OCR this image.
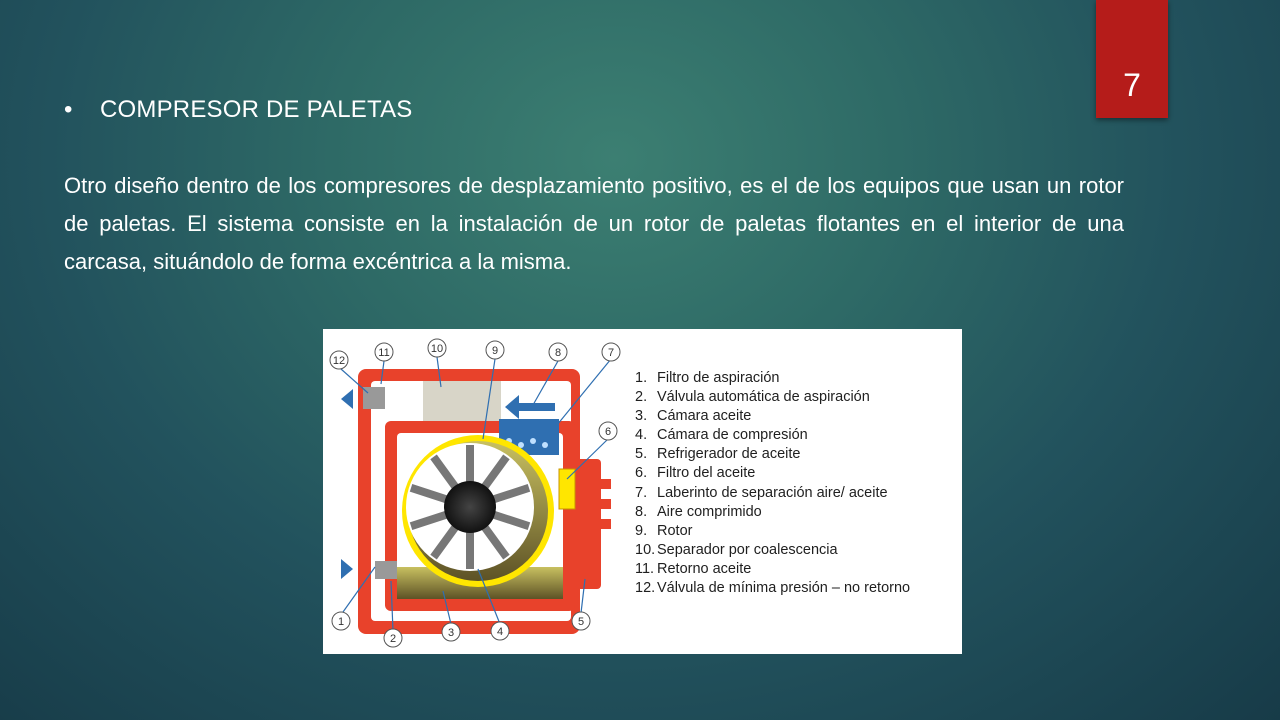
7
• COMPRESOR DE PALETAS
Otro diseño dentro de los compresores de desplazamiento positivo, es el de los equipos que usan un rotor de paletas. El sistema consiste en la instalación de un rotor de paletas flotantes en el interior de una carcasa, situándolo de forma excéntrica a la misma.
12
11	10	9	8	7
6
1
2	3	4
5
1. Filtro de aspiración
2. Válvula automática de aspiración
3. Cámara aceite
4. Cámara de compresión
5. Refrigerador de aceite
6. Filtro del aceite
7. Laberinto de separación aire/ aceite
8. Aire comprimido
9. Rotor
10. Separador por coalescencia
11. Retorno aceite
12. Válvula de mínima presión – no retorno
